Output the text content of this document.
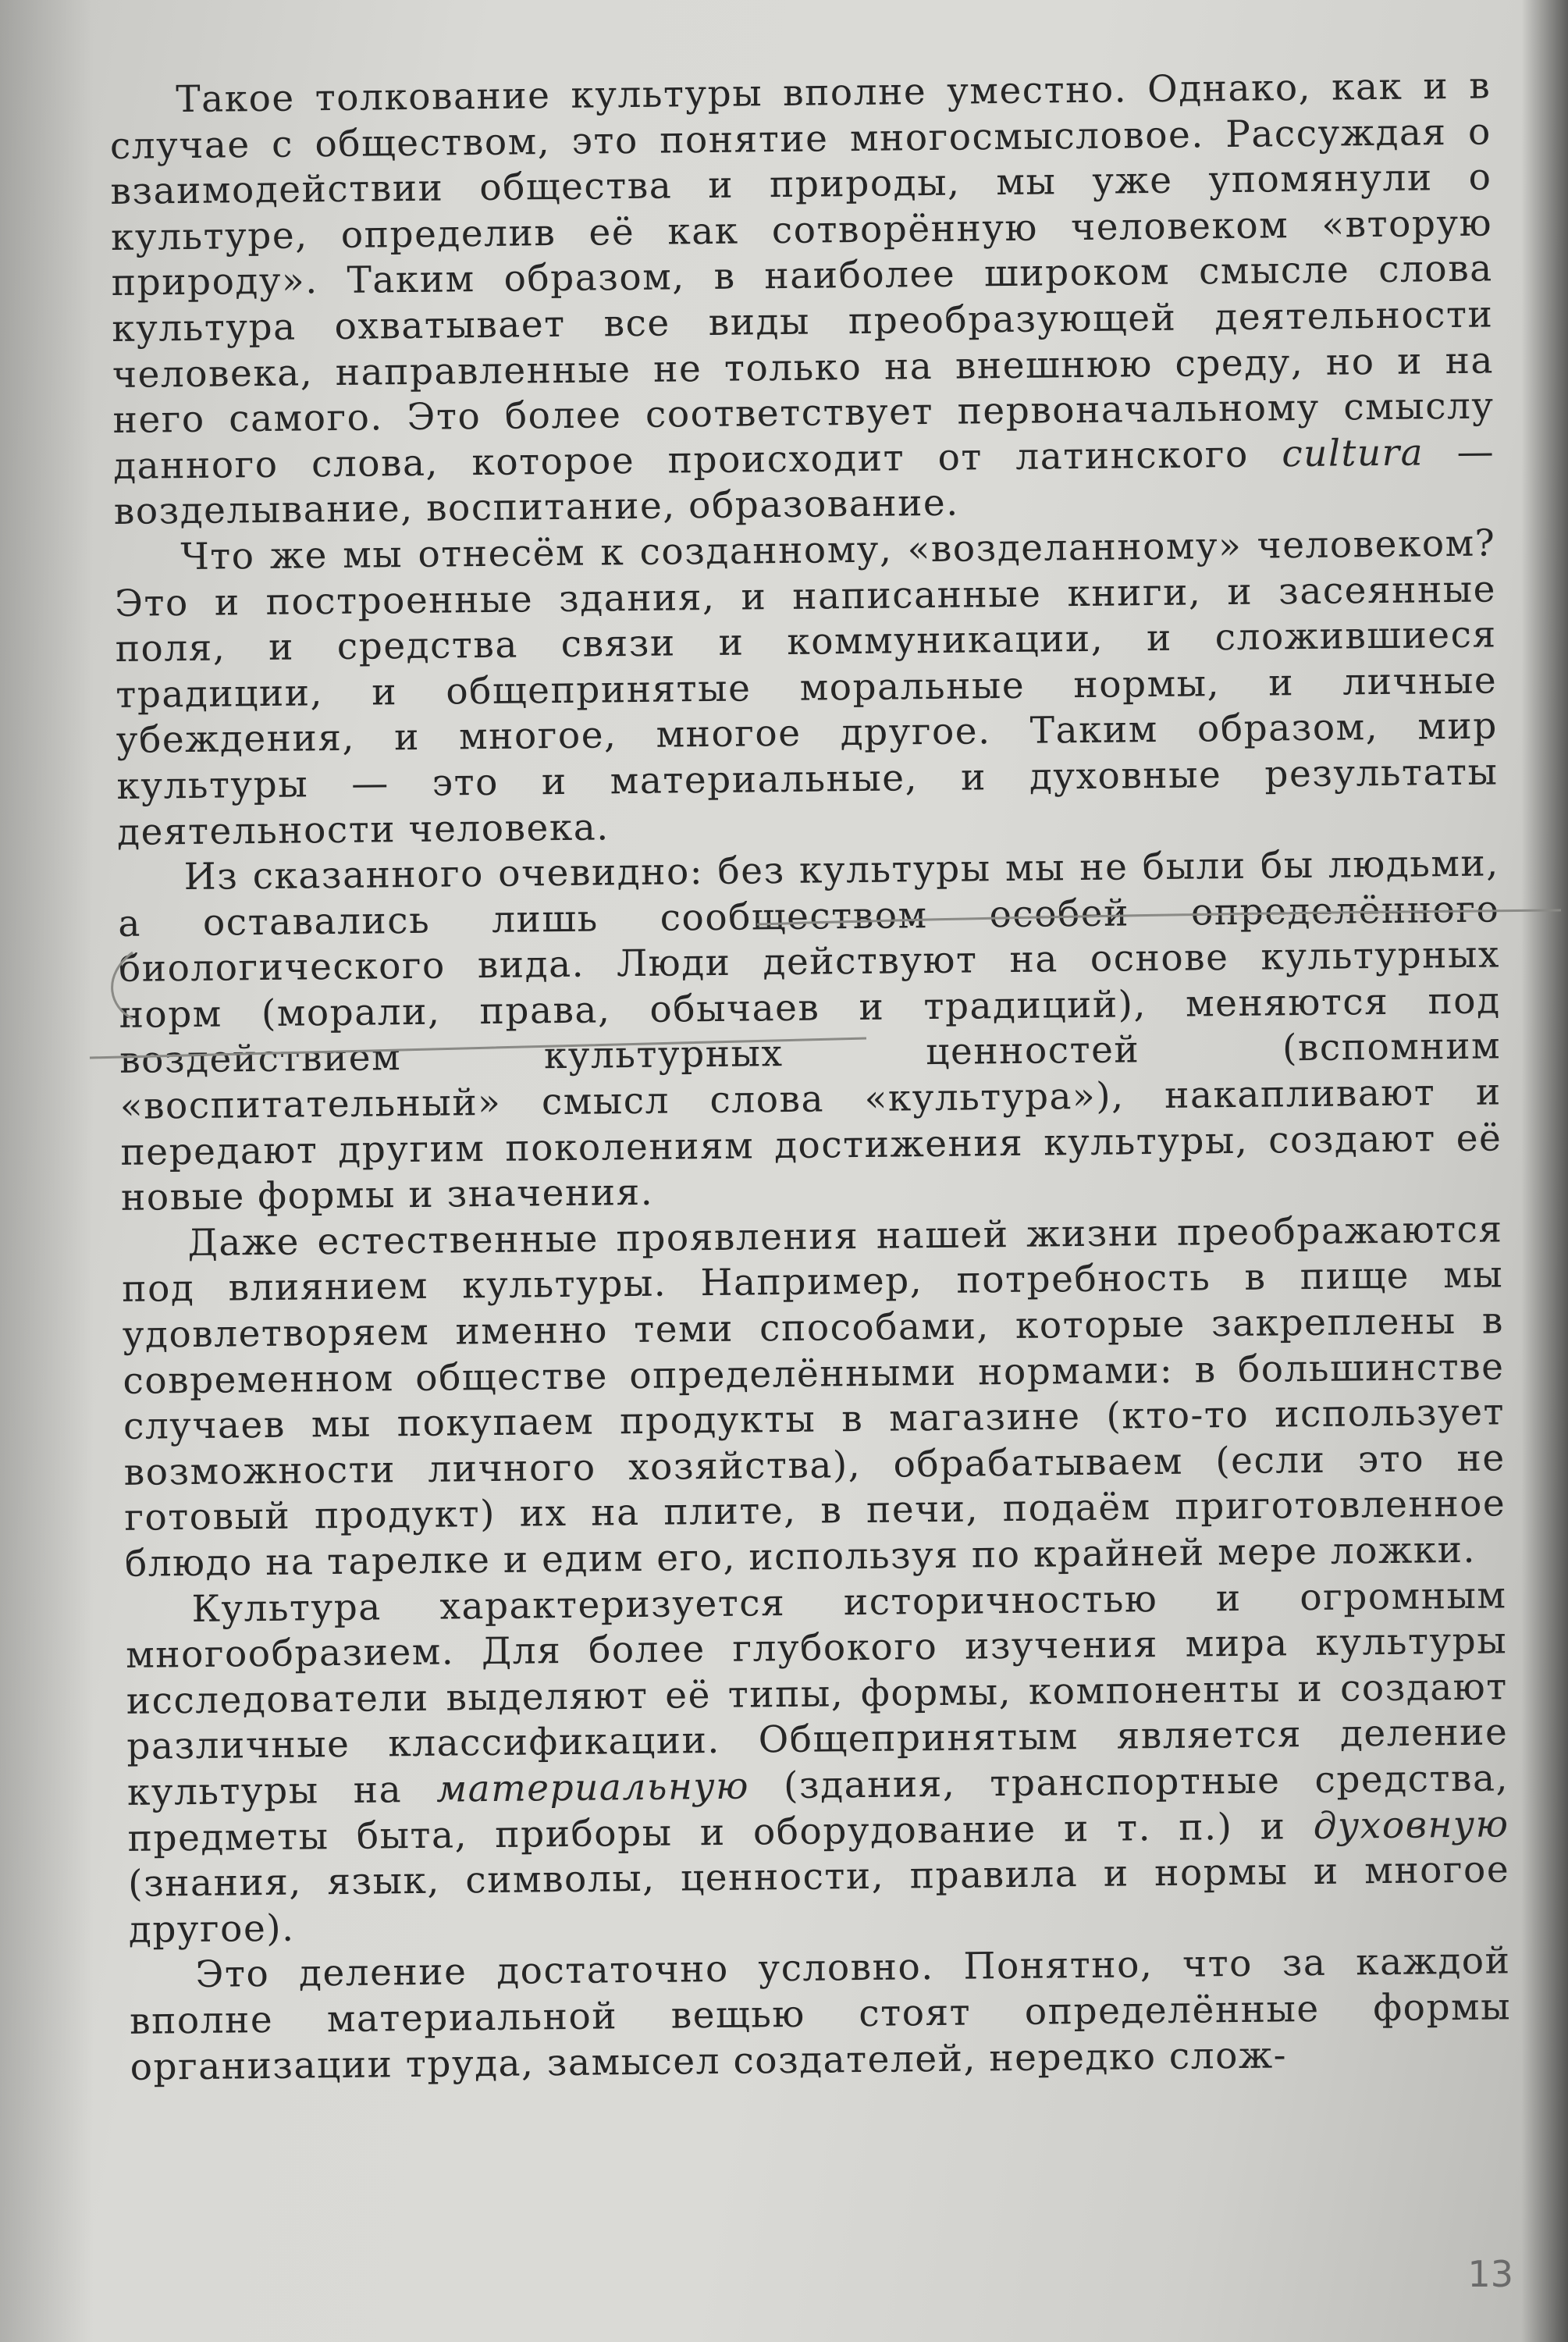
Такое толкование культуры вполне уместно. Однако, как и в случае с обществом, это понятие многосмысловое. Рассуждая о взаимодействии общества и природы, мы уже упомянули о культуре, определив её как сотворённую человеком «вторую природу». Таким образом, в наиболее широком смысле слова культура охватывает все виды преобразующей деятельности человека, направленные не только на внешнюю среду, но и на него самого. Это более соответствует первоначальному смыслу данного слова, которое происходит от латинского cultura — возделывание, воспитание, образование.

Что же мы отнесём к созданному, «возделанному» человеком? Это и построенные здания, и написанные книги, и засеянные поля, и средства связи и коммуникации, и сложившиеся традиции, и общепринятые моральные нормы, и личные убеждения, и многое, многое другое. Таким образом, мир культуры — это и материальные, и духовные результаты деятельности человека.

Из сказанного очевидно: без культуры мы не были бы людьми, а оставались лишь сообществом особей определённого биологического вида. Люди действуют на основе культурных норм (морали, права, обычаев и традиций), меняются под воздействием культурных ценностей (вспомним «воспитательный» смысл слова «культура»), накапливают и передают другим поколениям достижения культуры, создают её новые формы и значения.

Даже естественные проявления нашей жизни преображаются под влиянием культуры. Например, потребность в пище мы удовлетворяем именно теми способами, которые закреплены в современном обществе определёнными нормами: в большинстве случаев мы покупаем продукты в магазине (кто-то использует возможности личного хозяйства), обрабатываем (если это не готовый продукт) их на плите, в печи, подаём приготовленное блюдо на тарелке и едим его, используя по крайней мере ложки.

Культура характеризуется историчностью и огромным многообразием. Для более глубокого изучения мира культуры исследователи выделяют её типы, формы, компоненты и создают различные классификации. Общепринятым является деление культуры на материальную (здания, транспортные средства, предметы быта, приборы и оборудование и т. п.) и духовную (знания, язык, символы, ценности, правила и нормы и многое другое).

Это деление достаточно условно. Понятно, что за каждой вполне материальной вещью стоят определённые формы организации труда, замысел создателей, нередко слож-

13
